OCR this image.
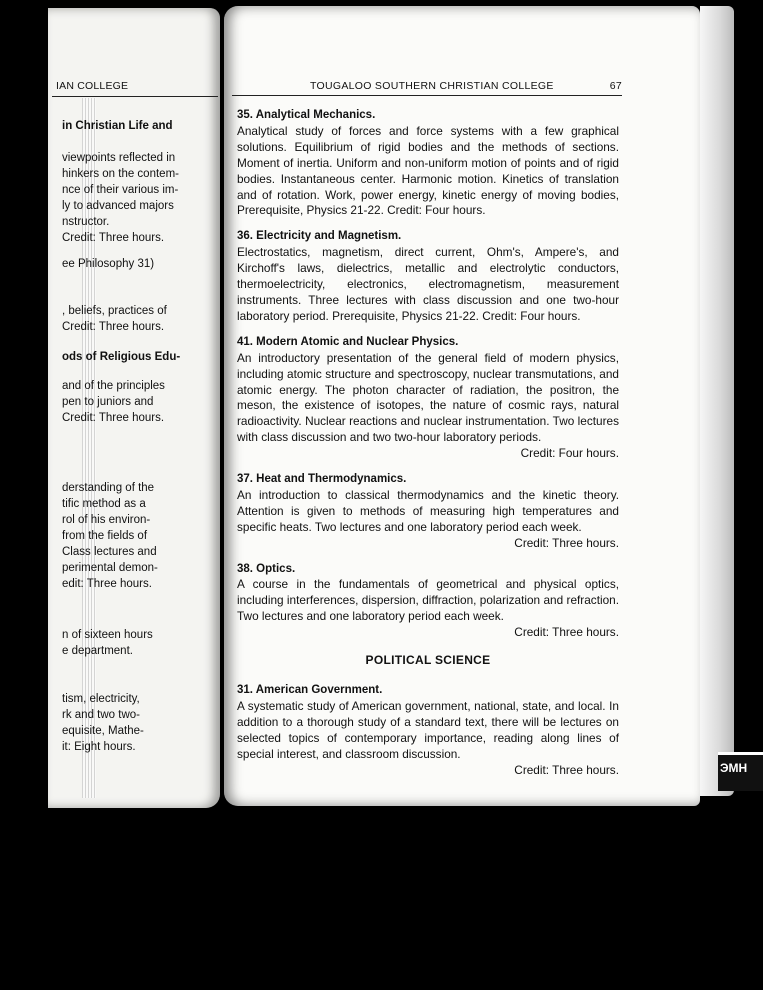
IAN COLLEGE
in Christian Life and
viewpoints reflected in
hinkers on the contem-
nce of their various im-
ly to advanced majors
nstructor.
Credit: Three hours.
ee Philosophy 31)
, beliefs, practices of
Credit: Three hours.
ods of Religious Edu-
and of the principles
pen to juniors and
Credit: Three hours.
derstanding of the
tific method as a
rol of his environ-
from the fields of
Class lectures and
perimental demon-
edit: Three hours.
n of sixteen hours
e department.
tism, electricity,
rk and two two-
equisite, Mathe-
it: Eight hours.
ЭМН
TOUGALOO SOUTHERN CHRISTIAN COLLEGE	67
35. Analytical Mechanics.
Analytical study of forces and force systems with a few graphical solutions. Equilibrium of rigid bodies and the methods of sections. Moment of inertia. Uniform and non-uniform motion of points and of rigid bodies. Instantaneous center. Harmonic motion. Kinetics of translation and of rotation. Work, power energy, kinetic energy of moving bodies, Prerequisite, Physics 21-22. Credit: Four hours.
36. Electricity and Magnetism.
Electrostatics, magnetism, direct current, Ohm's, Ampere's, and Kirchoff's laws, dielectrics, metallic and electrolytic conductors, thermoelectricity, electronics, electromagnetism, measurement instruments. Three lectures with class discussion and one two-hour laboratory period. Prerequisite, Physics 21-22. Credit: Four hours.
41. Modern Atomic and Nuclear Physics.
An introductory presentation of the general field of modern physics, including atomic structure and spectroscopy, nuclear transmutations, and atomic energy. The photon character of radiation, the positron, the meson, the existence of isotopes, the nature of cosmic rays, natural radioactivity. Nuclear reactions and nuclear instrumentation. Two lectures with class discussion and two two-hour laboratory periods.
Credit: Four hours.
37. Heat and Thermodynamics.
An introduction to classical thermodynamics and the kinetic theory. Attention is given to methods of measuring high temperatures and specific heats. Two lectures and one laboratory period each week.
Credit: Three hours.
38. Optics.
A course in the fundamentals of geometrical and physical optics, including interferences, dispersion, diffraction, polarization and refraction. Two lectures and one laboratory period each week.
Credit: Three hours.
POLITICAL SCIENCE
31. American Government.
A systematic study of American government, national, state, and local. In addition to a thorough study of a standard text, there will be lectures on selected topics of contemporary importance, reading along lines of special interest, and classroom discussion.
Credit: Three hours.
